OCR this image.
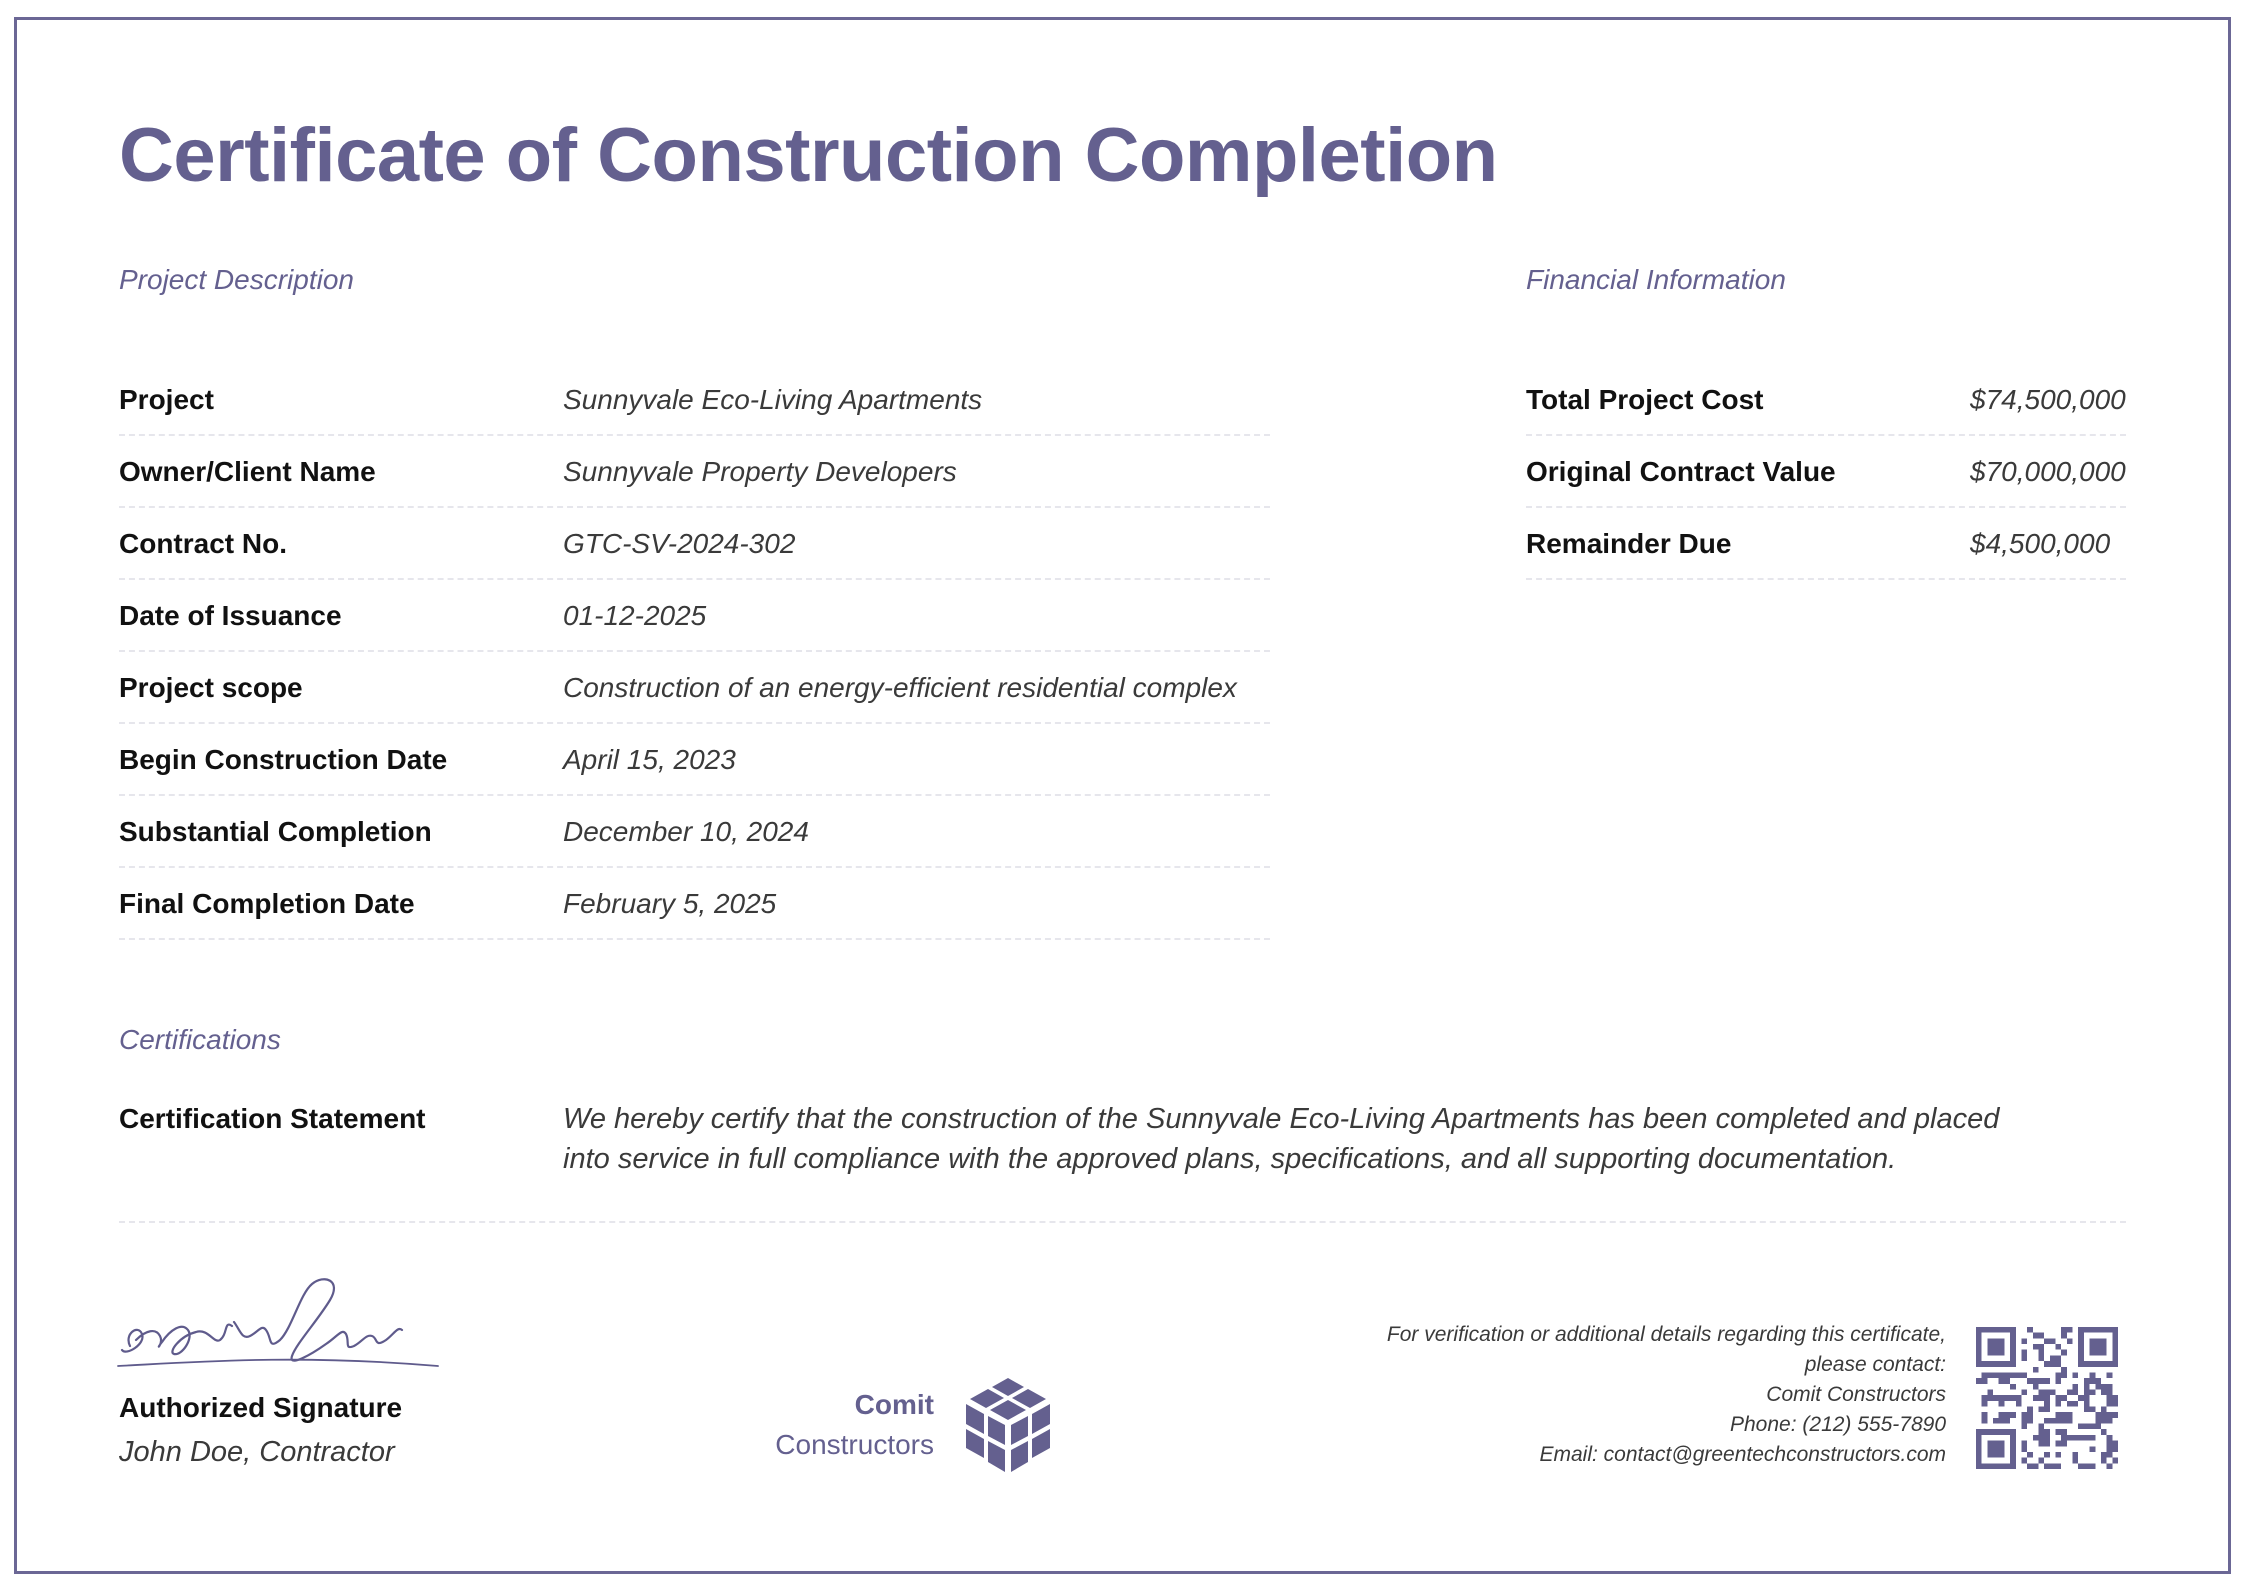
Certificate of Construction Completion
Project Description
Project	Sunnyvale Eco-Living Apartments
Owner/Client Name	Sunnyvale Property Developers
Contract No.	GTC-SV-2024-302
Date of Issuance	01-12-2025
Project scope	Construction of an energy-efficient residential complex
Begin Construction Date	April 15, 2023
Substantial Completion	December 10, 2024
Final Completion Date	February 5, 2025
Financial Information
Total Project Cost	$74,500,000
Original Contract Value	$70,000,000
Remainder Due	$4,500,000
Certifications
Certification Statement	We hereby certify that the construction of the Sunnyvale Eco-Living Apartments has been completed and placed into service in full compliance with the approved plans, specifications, and all supporting documentation.
Authorized Signature
John Doe, Contractor
Comit
Constructors
For verification or additional details regarding this certificate,
please contact:
Comit Constructors
Phone: (212) 555-7890
Email: contact@greentechconstructors.com
